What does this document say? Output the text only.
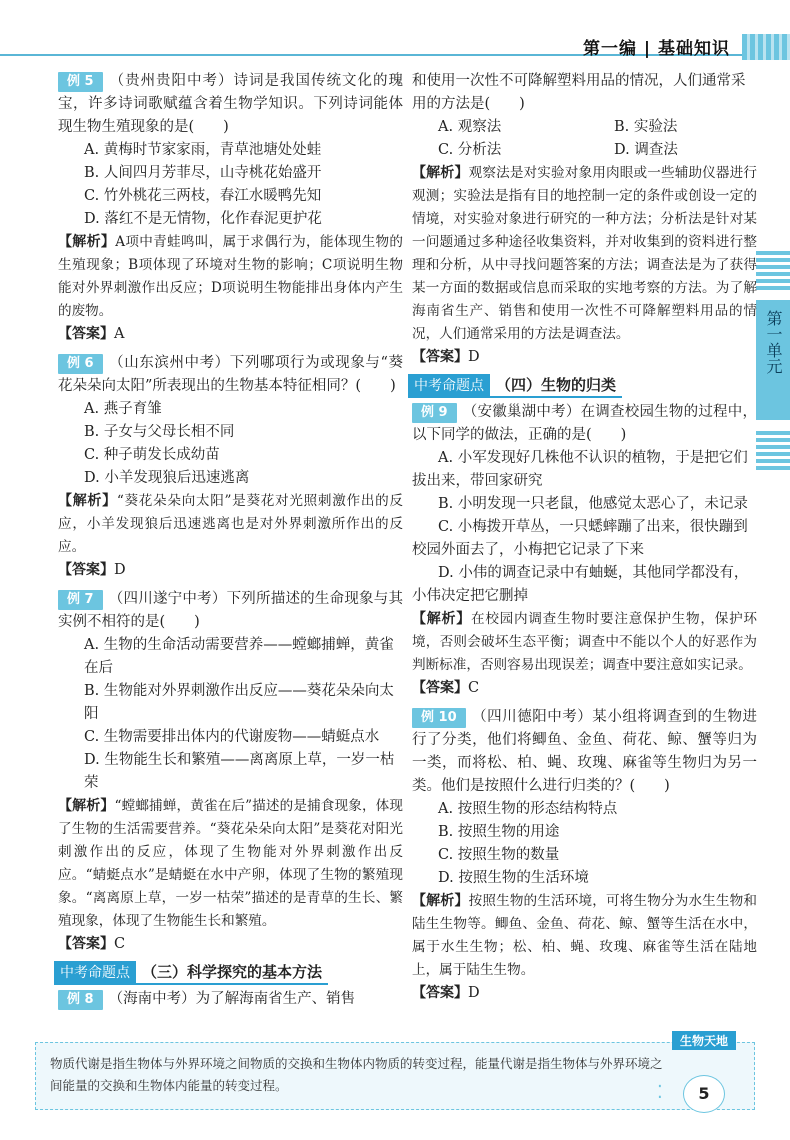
第一编 | 基础知识
第一单元

例 5 （贵州贵阳中考）诗词是我国传统文化的瑰宝，许多诗词歌赋蕴含着生物学知识。下列诗词能体现生物生殖现象的是(　　)

A. 黄梅时节家家雨，青草池塘处处蛙

B. 人间四月芳菲尽，山寺桃花始盛开

C. 竹外桃花三两枝，春江水暖鸭先知

D. 落红不是无情物，化作春泥更护花

【解析】A项中青蛙鸣叫，属于求偶行为，能体现生物的生殖现象；B项体现了环境对生物的影响；C项说明生物能对外界刺激作出反应；D项说明生物能排出身体内产生的废物。

【答案】A

例 6 （山东滨州中考）下列哪项行为或现象与“葵花朵朵向太阳”所表现出的生物基本特征相同？(　　)

A. 燕子育雏

B. 子女与父母长相不同

C. 种子萌发长成幼苗

D. 小羊发现狼后迅速逃离

【解析】“葵花朵朵向太阳”是葵花对光照刺激作出的反应，小羊发现狼后迅速逃离也是对外界刺激所作出的反应。

【答案】D

例 7 （四川遂宁中考）下列所描述的生命现象与其实例不相符的是(　　)

A. 生物的生命活动需要营养——螳螂捕蝉，黄雀在后

B. 生物能对外界刺激作出反应——葵花朵朵向太阳

C. 生物需要排出体内的代谢废物——蜻蜓点水

D. 生物能生长和繁殖——离离原上草，一岁一枯荣

【解析】“螳螂捕蝉，黄雀在后”描述的是捕食现象，体现了生物的生活需要营养。“葵花朵朵向太阳”是葵花对阳光刺激作出的反应，体现了生物能对外界刺激作出反应。“蜻蜓点水”是蜻蜓在水中产卵，体现了生物的繁殖现象。“离离原上草，一岁一枯荣”描述的是青草的生长、繁殖现象，体现了生物能生长和繁殖。

【答案】C

中考命题点 （三）科学探究的基本方法

例 8 （海南中考）为了解海南省生产、销售

和使用一次性不可降解塑料用品的情况，人们通常采用的方法是(　　)

A. 观察法	B. 实验法

C. 分析法	D. 调查法

【解析】观察法是对实验对象用肉眼或一些辅助仪器进行观测；实验法是指有目的地控制一定的条件或创设一定的情境，对实验对象进行研究的一种方法；分析法是针对某一问题通过多种途径收集资料，并对收集到的资料进行整理和分析，从中寻找问题答案的方法；调查法是为了获得某一方面的数据或信息而采取的实地考察的方法。为了解海南省生产、销售和使用一次性不可降解塑料用品的情况，人们通常采用的方法是调查法。

【答案】D

中考命题点 （四）生物的归类

例 9 （安徽巢湖中考）在调查校园生物的过程中，以下同学的做法，正确的是(　　)

A. 小军发现好几株他不认识的植物，于是把它们拔出来，带回家研究

B. 小明发现一只老鼠，他感觉太恶心了，未记录

C. 小梅拨开草丛，一只蟋蟀蹦了出来，很快蹦到校园外面去了，小梅把它记录了下来

D. 小伟的调查记录中有蚰蜒，其他同学都没有，小伟决定把它删掉

【解析】在校园内调查生物时要注意保护生物，保护环境，否则会破坏生态平衡；调查中不能以个人的好恶作为判断标准，否则容易出现误差；调查中要注意如实记录。

【答案】C

例 10 （四川德阳中考）某小组将调查到的生物进行了分类，他们将鲫鱼、金鱼、荷花、鲸、蟹等归为一类，而将松、柏、蝇、玫瑰、麻雀等生物归为另一类。他们是按照什么进行归类的？(　　)

A. 按照生物的形态结构特点

B. 按照生物的用途

C. 按照生物的数量

D. 按照生物的生活环境

【解析】按照生物的生活环境，可将生物分为水生生物和陆生生物等。鲫鱼、金鱼、荷花、鲸、蟹等生活在水中，属于水生生物；松、柏、蝇、玫瑰、麻雀等生活在陆地上，属于陆生生物。

【答案】D

生物天地
物质代谢是指生物体与外界环境之间物质的交换和生物体内物质的转变过程，能量代谢是指生物体与外界环境之间能量的交换和生物体内能量的转变过程。	⁚	5
